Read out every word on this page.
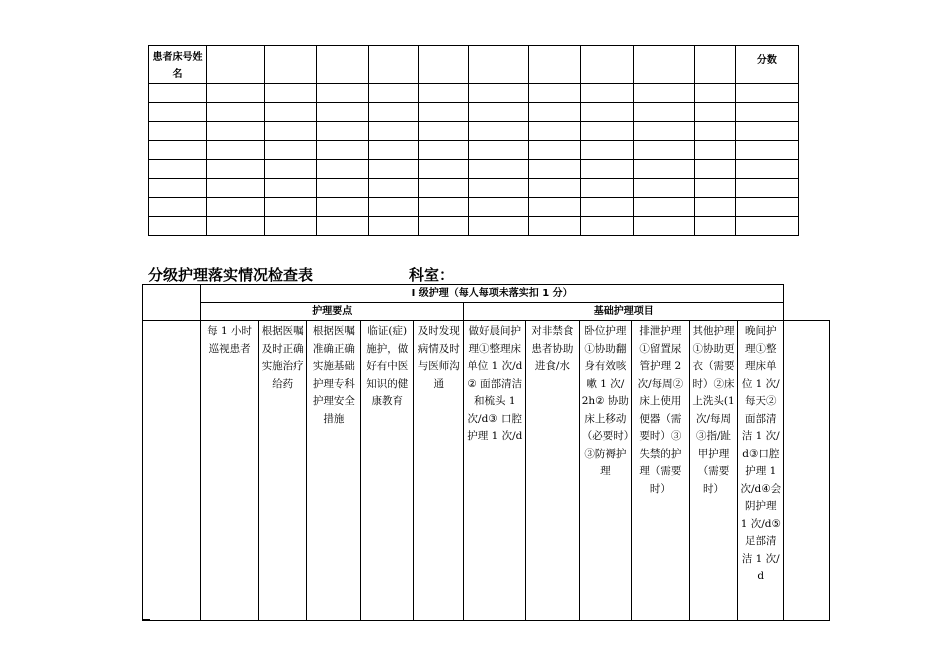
患者床号姓名											分数

分级护理落实情况检查表	科室：
	Ⅰ 级护理（每人每项未落实扣 1 分）											
	护理要点					基础护理项目						

	每 1 小时巡视患者	根据医嘱及时正确实施治疗给药	根据医嘱准确正确实施基础护理专科护理安全措施	临证(症)施护，做好有中医知识的健康教育	及时发现病情及时与医师沟通	做好晨间护理①整理床单位 1 次/d② 面部清洁和梳头 1 次/d③ 口腔护理 1 次/d	对非禁食患者协助进食/水	卧位护理①协助翻身有效咳嗽 1 次/ 2h② 协助床上移动（必要时）③防褥护理	排泄护理①留置尿管护理 2 次/每周②床上使用便器（需要时）③失禁的护理（需要时）	其他护理①协助更衣（需要时）②床上洗头(1 次/每周③指/趾甲护理（需要时）	晚间护理①整理床单位 1 次/每天②面部清洁 1 次/d③口腔护理 1 次/d④会阴护理 1 次/d⑤足部清洁 1 次/d	
